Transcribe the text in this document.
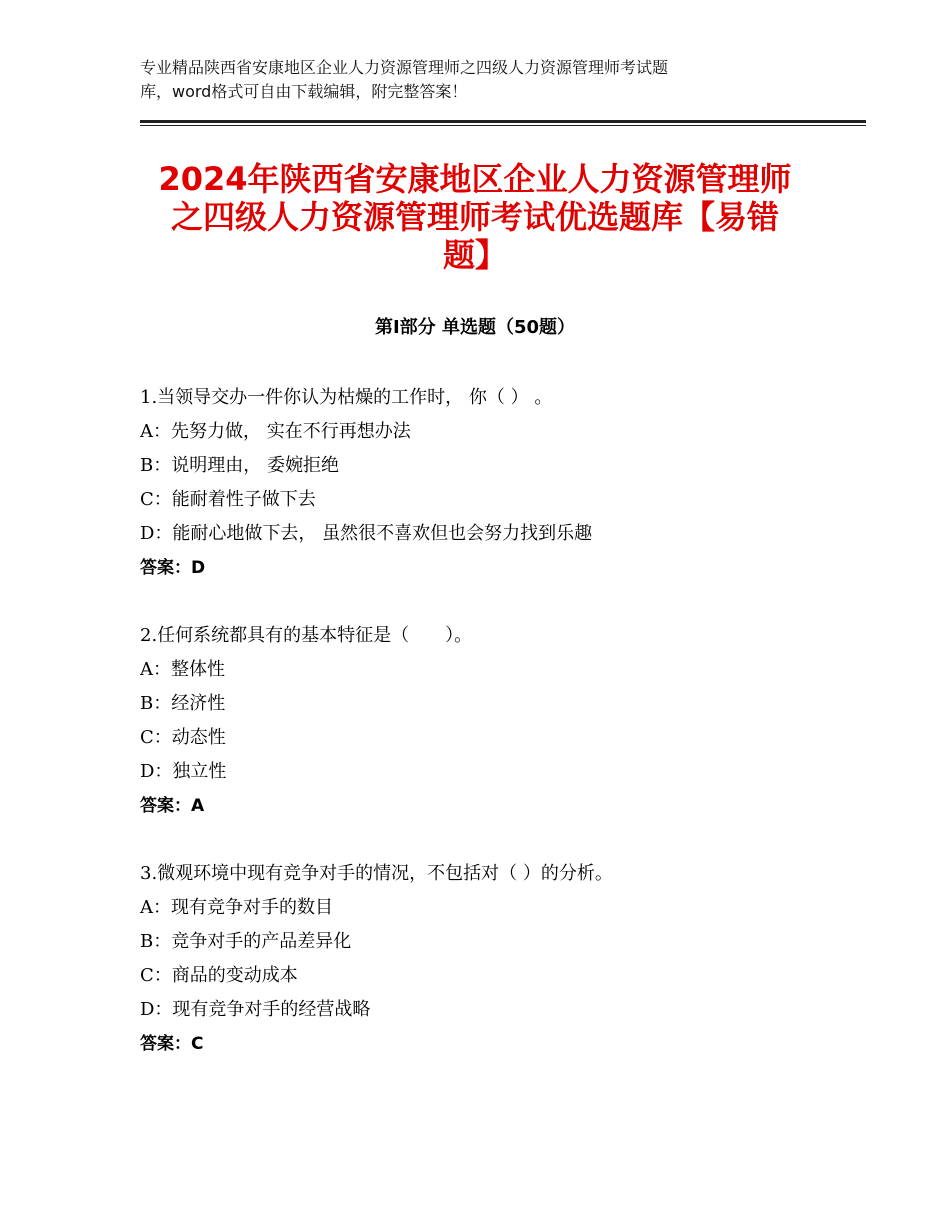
专业精品陕西省安康地区企业人力资源管理师之四级人力资源管理师考试题
库，word格式可自由下载编辑，附完整答案！
2024年陕西省安康地区企业人力资源管理师
之四级人力资源管理师考试优选题库【易错
题】
第Ⅰ部分 单选题（50题）
1.当领导交办一件你认为枯燥的工作时， 你（ ） 。
A：先努力做， 实在不行再想办法
B：说明理由， 委婉拒绝
C：能耐着性子做下去
D：能耐心地做下去， 虽然很不喜欢但也会努力找到乐趣
答案：D
2.任何系统都具有的基本特征是（　　）。
A：整体性
B：经济性
C：动态性
D：独立性
答案：A
3.微观环境中现有竞争对手的情况，不包括对（ ）的分析。
A：现有竞争对手的数目
B：竞争对手的产品差异化
C：商品的变动成本
D：现有竞争对手的经营战略
答案：C
